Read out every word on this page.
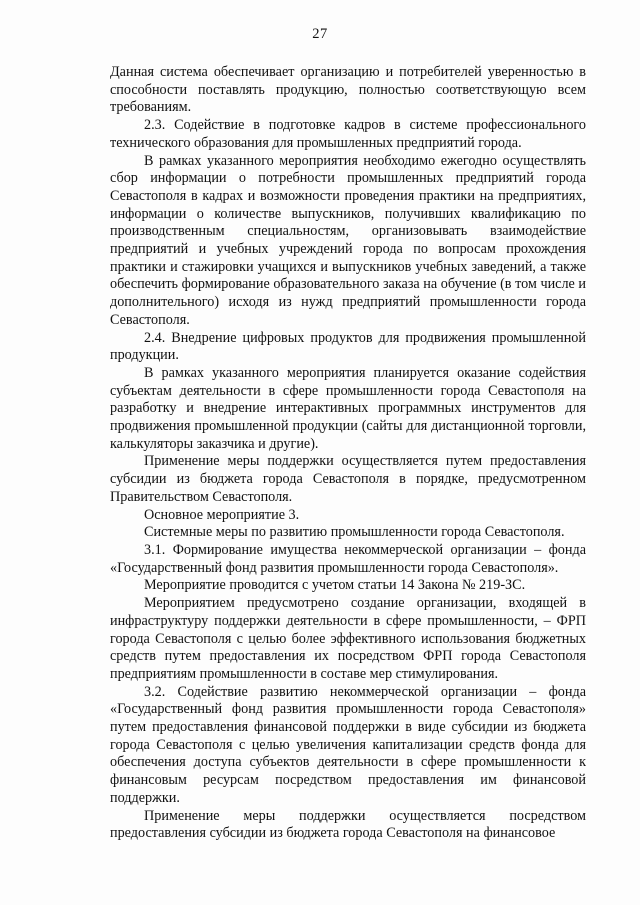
27

Данная система обеспечивает организацию и потребителей уверенностью в способности поставлять продукцию, полностью соответствующую всем требованиям.

2.3. Содействие в подготовке кадров в системе профессионального технического образования для промышленных предприятий города.

В рамках указанного мероприятия необходимо ежегодно осуществлять сбор информации о потребности промышленных предприятий города Севастополя в кадрах и возможности проведения практики на предприятиях, информации о количестве выпускников, получивших квалификацию по производственным специальностям, организовывать взаимодействие предприятий и учебных учреждений города по вопросам прохождения практики и стажировки учащихся и выпускников учебных заведений, а также обеспечить формирование образовательного заказа на обучение (в том числе и дополнительного) исходя из нужд предприятий промышленности города Севастополя.

2.4. Внедрение цифровых продуктов для продвижения промышленной продукции.

В рамках указанного мероприятия планируется оказание содействия субъектам деятельности в сфере промышленности города Севастополя на разработку и внедрение интерактивных программных инструментов для продвижения промышленной продукции (сайты для дистанционной торговли, калькуляторы заказчика и другие).

Применение меры поддержки осуществляется путем предоставления субсидии из бюджета города Севастополя в порядке, предусмотренном Правительством Севастополя.

Основное мероприятие 3.

Системные меры по развитию промышленности города Севастополя.

3.1. Формирование имущества некоммерческой организации – фонда «Государственный фонд развития промышленности города Севастополя».

Мероприятие проводится с учетом статьи 14 Закона № 219-ЗС.

Мероприятием предусмотрено создание организации, входящей в инфраструктуру поддержки деятельности в сфере промышленности, – ФРП города Севастополя с целью более эффективного использования бюджетных средств путем предоставления их посредством ФРП города Севастополя предприятиям промышленности в составе мер стимулирования.

3.2. Содействие развитию некоммерческой организации – фонда «Государственный фонд развития промышленности города Севастополя» путем предоставления финансовой поддержки в виде субсидии из бюджета города Севастополя с целью увеличения капитализации средств фонда для обеспечения доступа субъектов деятельности в сфере промышленности к финансовым ресурсам посредством предоставления им финансовой поддержки.

Применение меры поддержки осуществляется посредством предоставления субсидии из бюджета города Севастополя на финансовое
